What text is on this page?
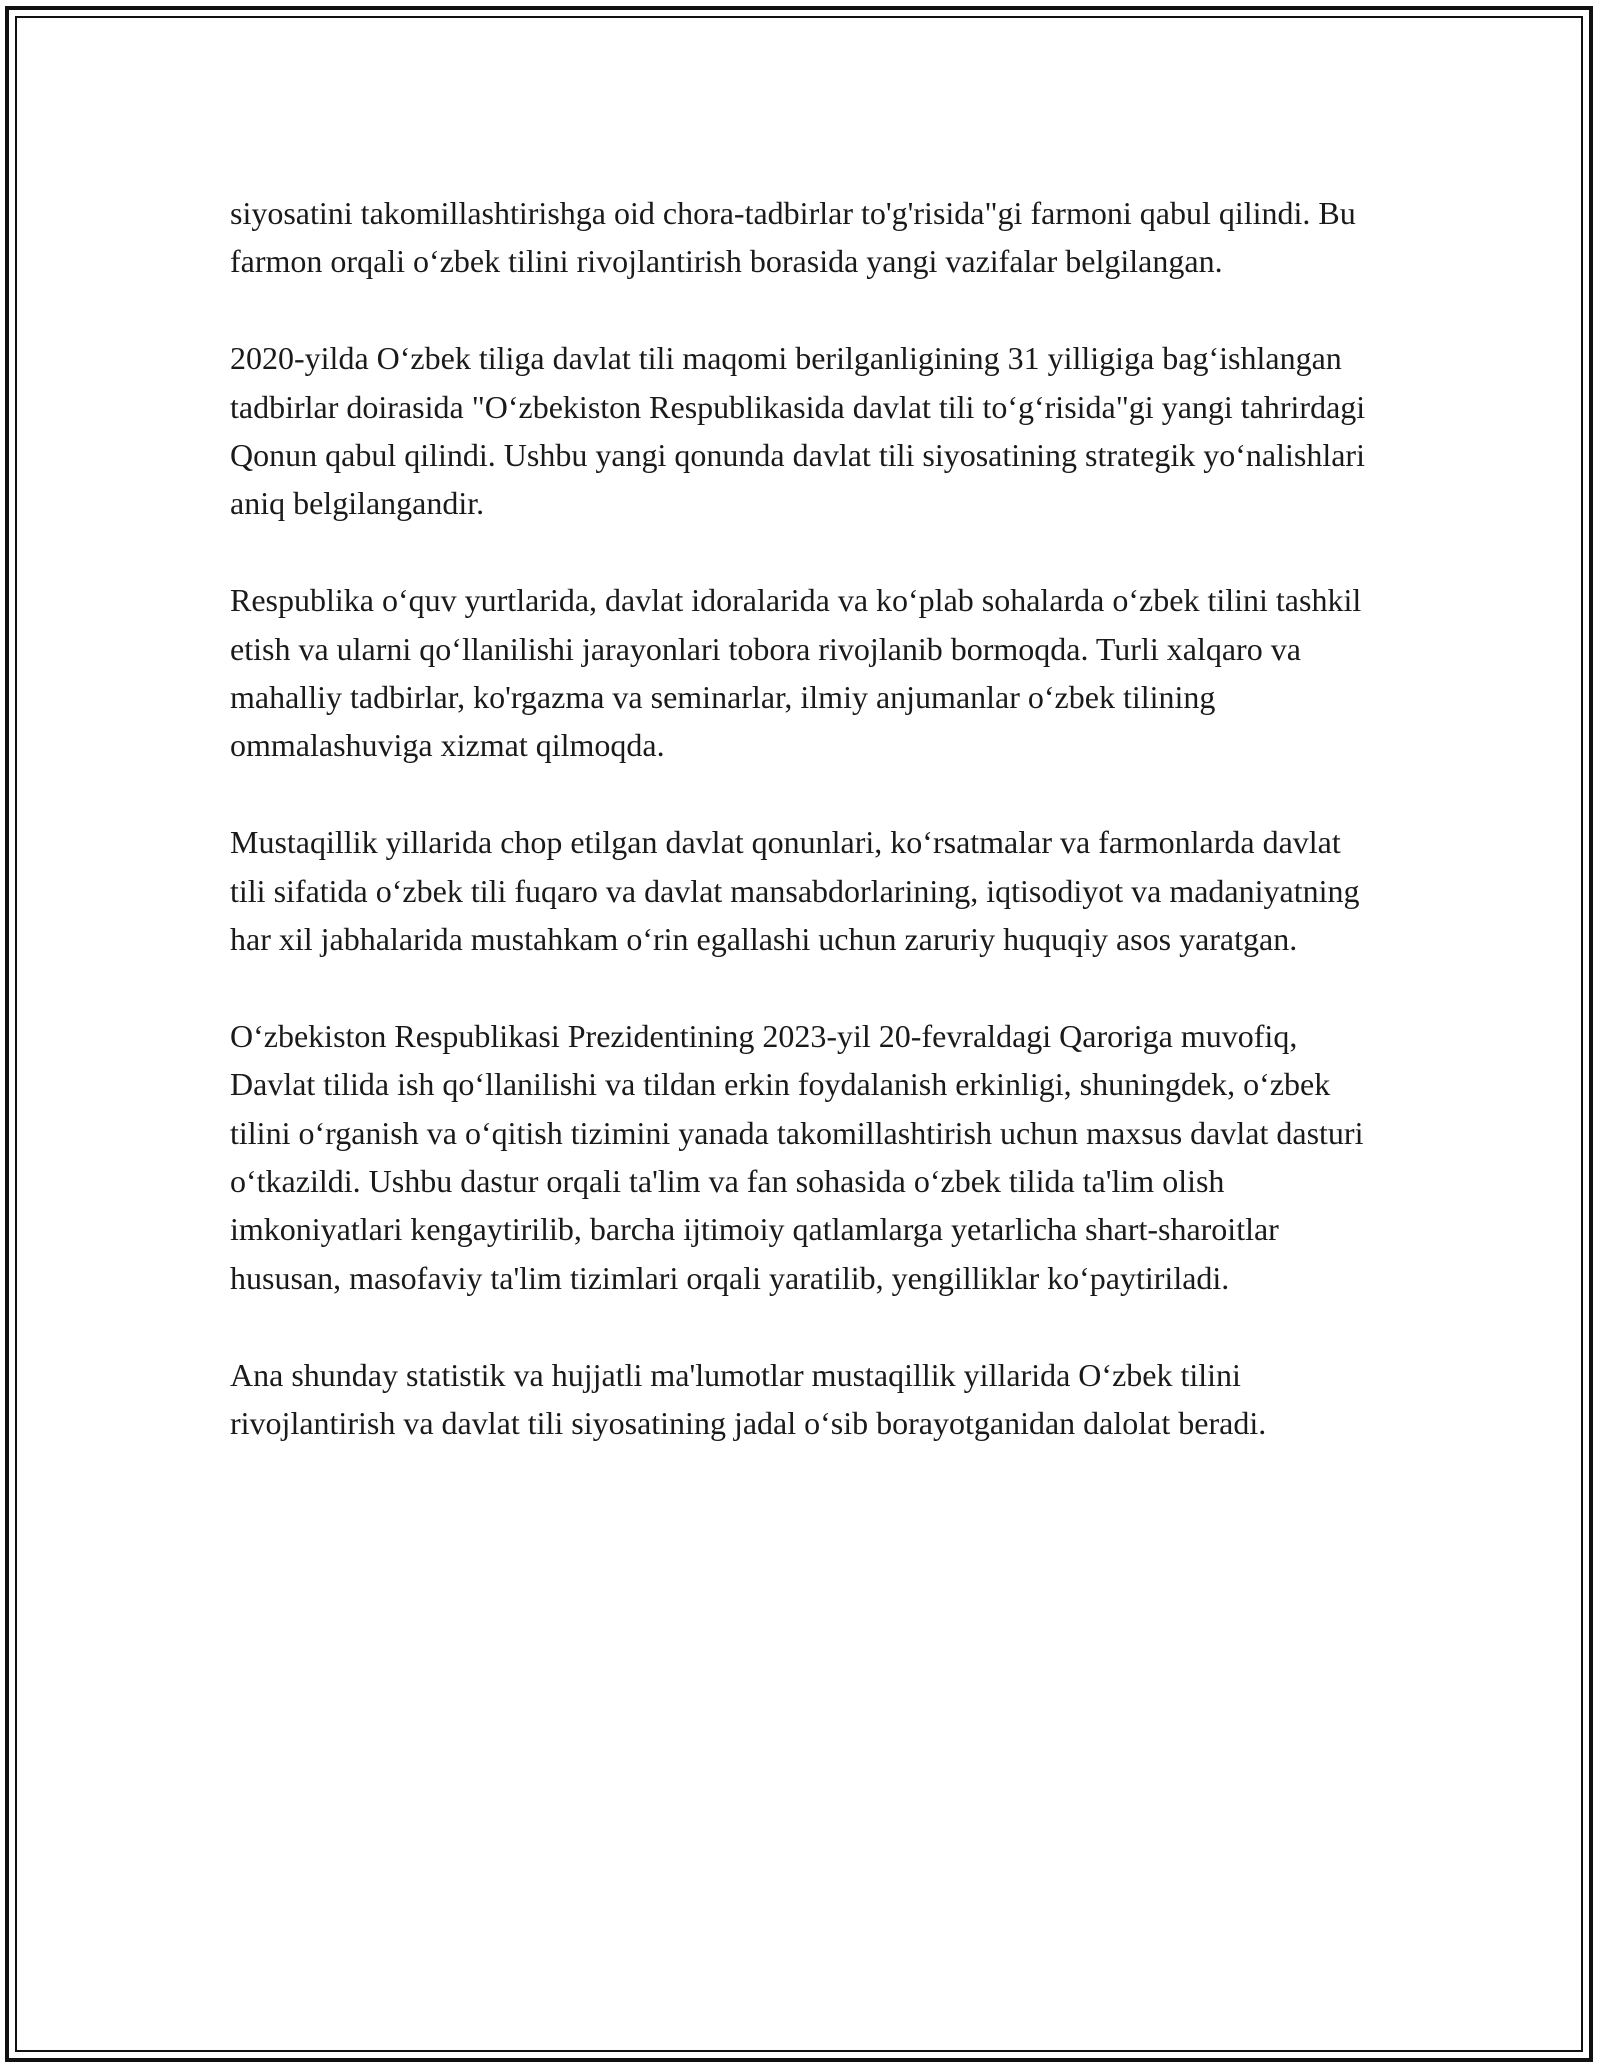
siyosatini takomillashtirishga oid chora-tadbirlar to'g'risida"gi farmoni qabul qilindi. Bu farmon orqali o‘zbek tilini rivojlantirish borasida yangi vazifalar belgilangan.

2020-yilda O‘zbek tiliga davlat tili maqomi berilganligining 31 yilligiga bag‘ishlangan tadbirlar doirasida "O‘zbekiston Respublikasida davlat tili to‘g‘risida"gi yangi tahrirdagi Qonun qabul qilindi. Ushbu yangi qonunda davlat tili siyosatining strategik yo‘nalishlari aniq belgilangandir.

Respublika o‘quv yurtlarida, davlat idoralarida va ko‘plab sohalarda o‘zbek tilini tashkil etish va ularni qo‘llanilishi jarayonlari tobora rivojlanib bormoqda. Turli xalqaro va mahalliy tadbirlar, ko'rgazma va seminarlar, ilmiy anjumanlar o‘zbek tilining ommalashuviga xizmat qilmoqda.

Mustaqillik yillarida chop etilgan davlat qonunlari, ko‘rsatmalar va farmonlarda davlat tili sifatida o‘zbek tili fuqaro va davlat mansabdorlarining, iqtisodiyot va madaniyatning har xil jabhalarida mustahkam o‘rin egallashi uchun zaruriy huquqiy asos yaratgan.

O‘zbekiston Respublikasi Prezidentining 2023-yil 20-fevraldagi Qaroriga muvofiq, Davlat tilida ish qo‘llanilishi va tildan erkin foydalanish erkinligi, shuningdek, o‘zbek tilini o‘rganish va o‘qitish tizimini yanada takomillashtirish uchun maxsus davlat dasturi o‘tkazildi. Ushbu dastur orqali ta'lim va fan sohasida o‘zbek tilida ta'lim olish imkoniyatlari kengaytirilib, barcha ijtimoiy qatlamlarga yetarlicha shart-sharoitlar hususan, masofaviy ta'lim tizimlari orqali yaratilib, yengilliklar ko‘paytiriladi.

Ana shunday statistik va hujjatli ma'lumotlar mustaqillik yillarida O‘zbek tilini rivojlantirish va davlat tili siyosatining jadal o‘sib borayotganidan dalolat beradi.
